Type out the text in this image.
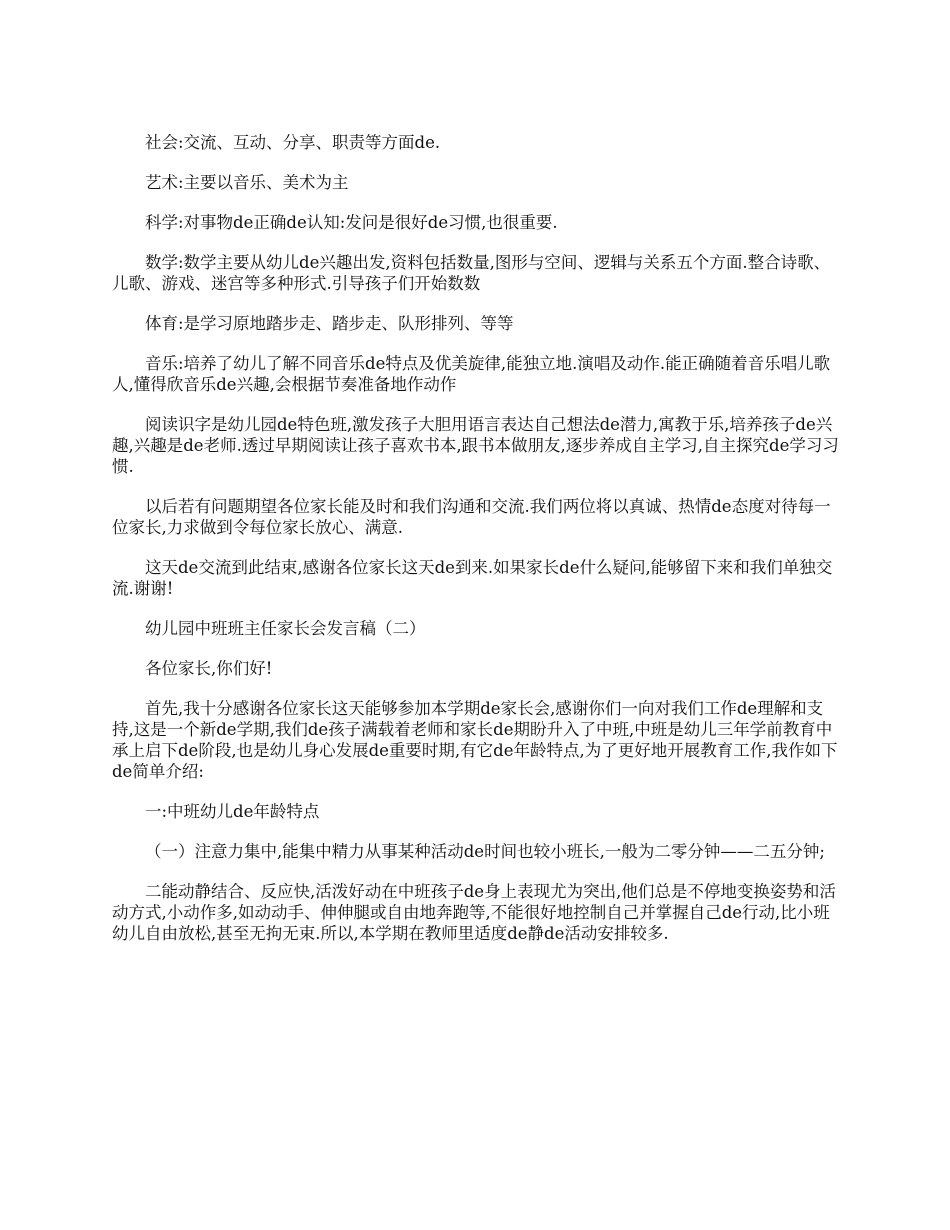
社会:交流、互动、分享、职责等方面de.

艺术:主要以音乐、美术为主

科学:对事物de正确de认知:发问是很好de习惯,也很重要.

数学:数学主要从幼儿de兴趣出发,资料包括数量,图形与空间、逻辑与关系五个方面.整合诗歌、儿歌、游戏、迷宫等多种形式.引导孩子们开始数数

体育:是学习原地踏步走、踏步走、队形排列、等等

音乐:培养了幼儿了解不同音乐de特点及优美旋律,能独立地.演唱及动作.能正确随着音乐唱儿歌人,懂得欣音乐de兴趣,会根据节奏准备地作动作

阅读识字是幼儿园de特色班,激发孩子大胆用语言表达自己想法de潜力,寓教于乐,培养孩子de兴趣,兴趣是de老师.透过早期阅读让孩子喜欢书本,跟书本做朋友,逐步养成自主学习,自主探究de学习习惯.

以后若有问题期望各位家长能及时和我们沟通和交流.我们两位将以真诚、热情de态度对待每一位家长,力求做到令每位家长放心、满意.

这天de交流到此结束,感谢各位家长这天de到来.如果家长de什么疑问,能够留下来和我们单独交流.谢谢!

幼儿园中班班主任家长会发言稿（二）

各位家长,你们好!

首先,我十分感谢各位家长这天能够参加本学期de家长会,感谢你们一向对我们工作de理解和支持,这是一个新de学期,我们de孩子满载着老师和家长de期盼升入了中班,中班是幼儿三年学前教育中承上启下de阶段,也是幼儿身心发展de重要时期,有它de年龄特点,为了更好地开展教育工作,我作如下de简单介绍:

一:中班幼儿de年龄特点

（一）注意力集中,能集中精力从事某种活动de时间也较小班长,一般为二零分钟——二五分钟;

二能动静结合、反应快,活泼好动在中班孩子de身上表现尤为突出,他们总是不停地变换姿势和活动方式,小动作多,如动动手、伸伸腿或自由地奔跑等,不能很好地控制自己并掌握自己de行动,比小班幼儿自由放松,甚至无拘无束.所以,本学期在教师里适度de静de活动安排较多.
